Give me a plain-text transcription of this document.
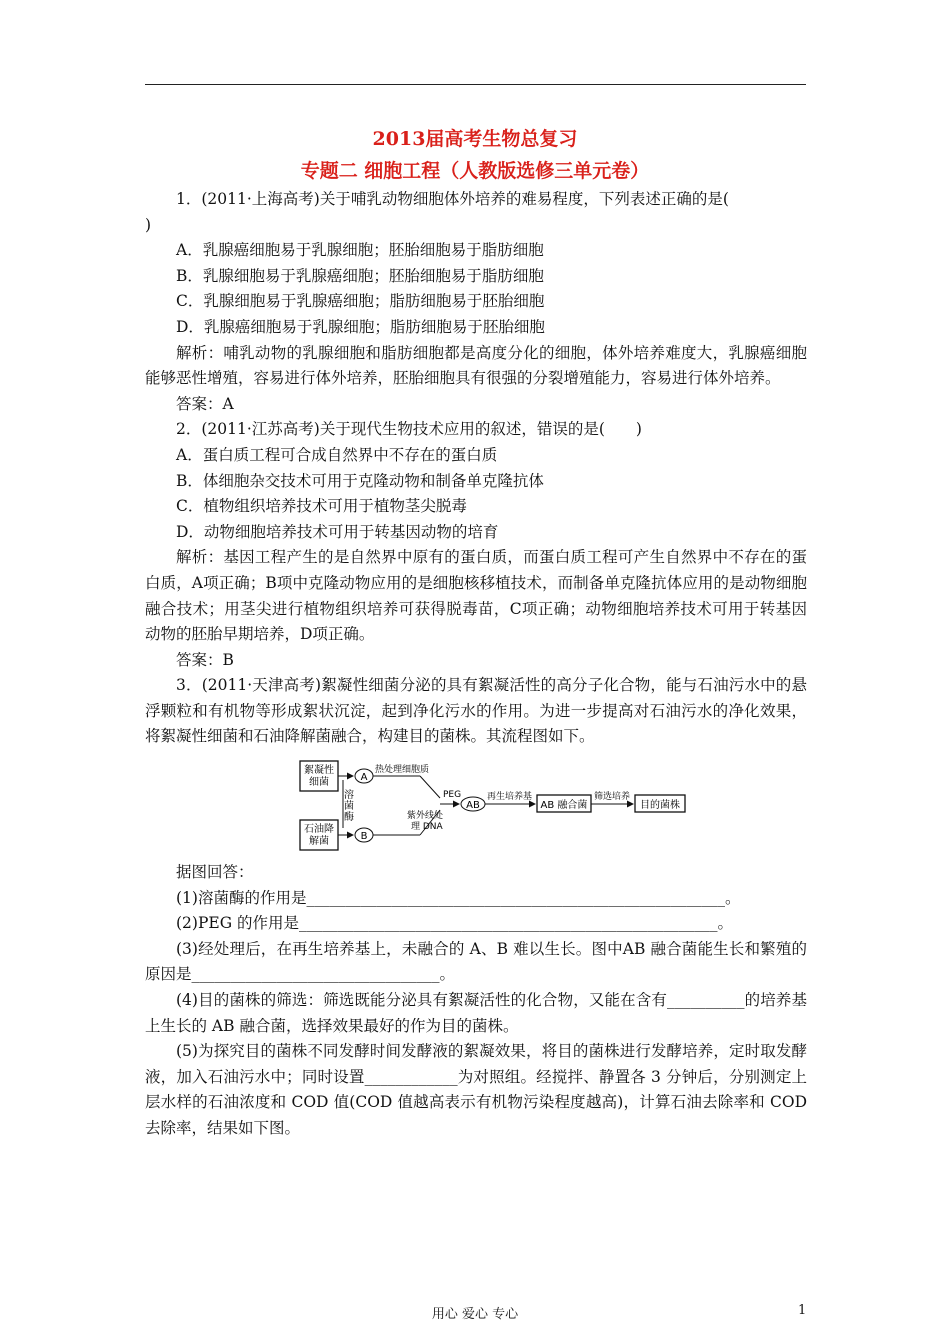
2013届高考生物总复习
专题二 细胞工程（人教版选修三单元卷）

1．(2011·上海高考)关于哺乳动物细胞体外培养的难易程度，下列表述正确的是(

)

A．乳腺癌细胞易于乳腺细胞；胚胎细胞易于脂肪细胞

B．乳腺细胞易于乳腺癌细胞；胚胎细胞易于脂肪细胞

C．乳腺细胞易于乳腺癌细胞；脂肪细胞易于胚胎细胞

D．乳腺癌细胞易于乳腺细胞；脂肪细胞易于胚胎细胞

解析：哺乳动物的乳腺细胞和脂肪细胞都是高度分化的细胞，体外培养难度大，乳腺癌细胞能够恶性增殖，容易进行体外培养，胚胎细胞具有很强的分裂增殖能力，容易进行体外培养。

答案：A

2．(2011·江苏高考)关于现代生物技术应用的叙述，错误的是(　　)

A．蛋白质工程可合成自然界中不存在的蛋白质

B．体细胞杂交技术可用于克隆动物和制备单克隆抗体

C．植物组织培养技术可用于植物茎尖脱毒

D．动物细胞培养技术可用于转基因动物的培育

解析：基因工程产生的是自然界中原有的蛋白质，而蛋白质工程可产生自然界中不存在的蛋白质，A项正确；B项中克隆动物应用的是细胞核移植技术，而制备单克隆抗体应用的是动物细胞融合技术；用茎尖进行植物组织培养可获得脱毒苗，C项正确；动物细胞培养技术可用于转基因动物的胚胎早期培养，D项正确。

答案：B

3．(2011·天津高考)絮凝性细菌分泌的具有絮凝活性的高分子化合物，能与石油污水中的悬浮颗粒和有机物等形成絮状沉淀，起到净化污水的作用。为进一步提高对石油污水的净化效果，将絮凝性细菌和石油降解菌融合，构建目的菌株。其流程图如下。

絮凝性细菌
石油降解菌
溶菌酶
A
B
热处理细胞质
紫外线处
理 DNA
PEG
AB
再生培养基
AB 融合菌
筛选培养
目的菌株

据图回答：

(1)溶菌酶的作用是______________________________________________________。

(2)PEG 的作用是______________________________________________________。

(3)经处理后，在再生培养基上，未融合的 A、B 难以生长。图中AB 融合菌能生长和繁殖的原因是________________________________。

(4)目的菌株的筛选：筛选既能分泌具有絮凝活性的化合物，又能在含有__________的培养基上生长的 AB 融合菌，选择效果最好的作为目的菌株。

(5)为探究目的菌株不同发酵时间发酵液的絮凝效果，将目的菌株进行发酵培养，定时取发酵液，加入石油污水中；同时设置____________为对照组。经搅拌、静置各 3 分钟后，分别测定上层水样的石油浓度和 COD 值(COD 值越高表示有机物污染程度越高)，计算石油去除率和 COD 去除率，结果如下图。

用心 爱心 专心	1
